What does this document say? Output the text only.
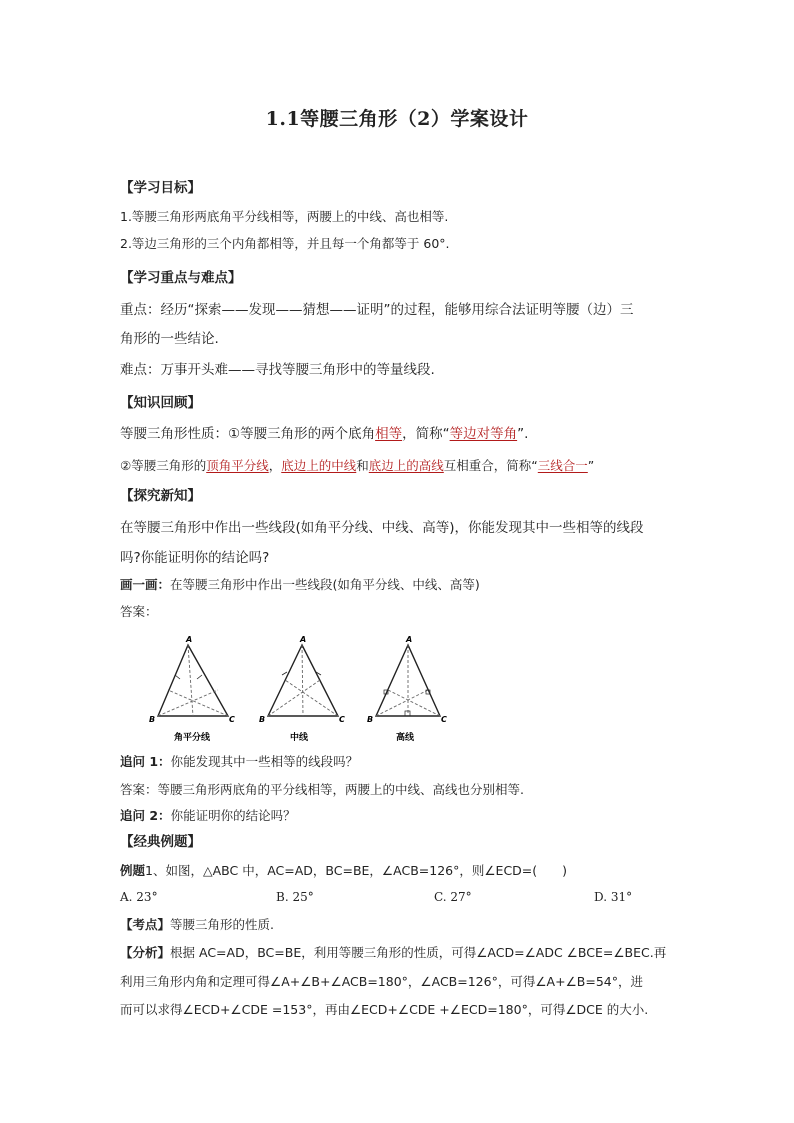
1.1等腰三角形（2）学案设计
【学习目标】
1.等腰三角形两底角平分线相等，两腰上的中线、高也相等.
2.等边三角形的三个内角都相等，并且每一个角都等于 60°.
【学习重点与难点】
重点：经历“探索——发现——猜想——证明”的过程，能够用综合法证明等腰（边）三
角形的一些结论.
难点：万事开头难——寻找等腰三角形中的等量线段.
【知识回顾】
等腰三角形性质：①等腰三角形的两个底角相等，简称“等边对等角”.
②等腰三角形的顶角平分线，底边上的中线和底边上的高线互相重合，简称“三线合一”
【探究新知】
在等腰三角形中作出一些线段(如角平分线、中线、高等)，你能发现其中一些相等的线段
吗?你能证明你的结论吗?
画一画：在等腰三角形中作出一些线段(如角平分线、中线、高等)
答案：
A
B	C
角平分线
A
B	C
中线
A
B	C
高线
追问 1：你能发现其中一些相等的线段吗？
答案：等腰三角形两底角的平分线相等，两腰上的中线、高线也分别相等.
追问 2：你能证明你的结论吗？
【经典例题】
例题1、如图，△ABC 中，AC=AD，BC=BE，∠ACB=126°，则∠ECD=(　　)
A. 23°	B. 25°	C. 27°	D. 31°
【考点】等腰三角形的性质.
【分析】根据 AC=AD，BC=BE，利用等腰三角形的性质，可得∠ACD=∠ADC ∠BCE=∠BEC.再
利用三角形内角和定理可得∠A+∠B+∠ACB=180°，∠ACB=126°，可得∠A+∠B=54°，进
而可以求得∠ECD+∠CDE =153°，再由∠ECD+∠CDE +∠ECD=180°，可得∠DCE 的大小.
